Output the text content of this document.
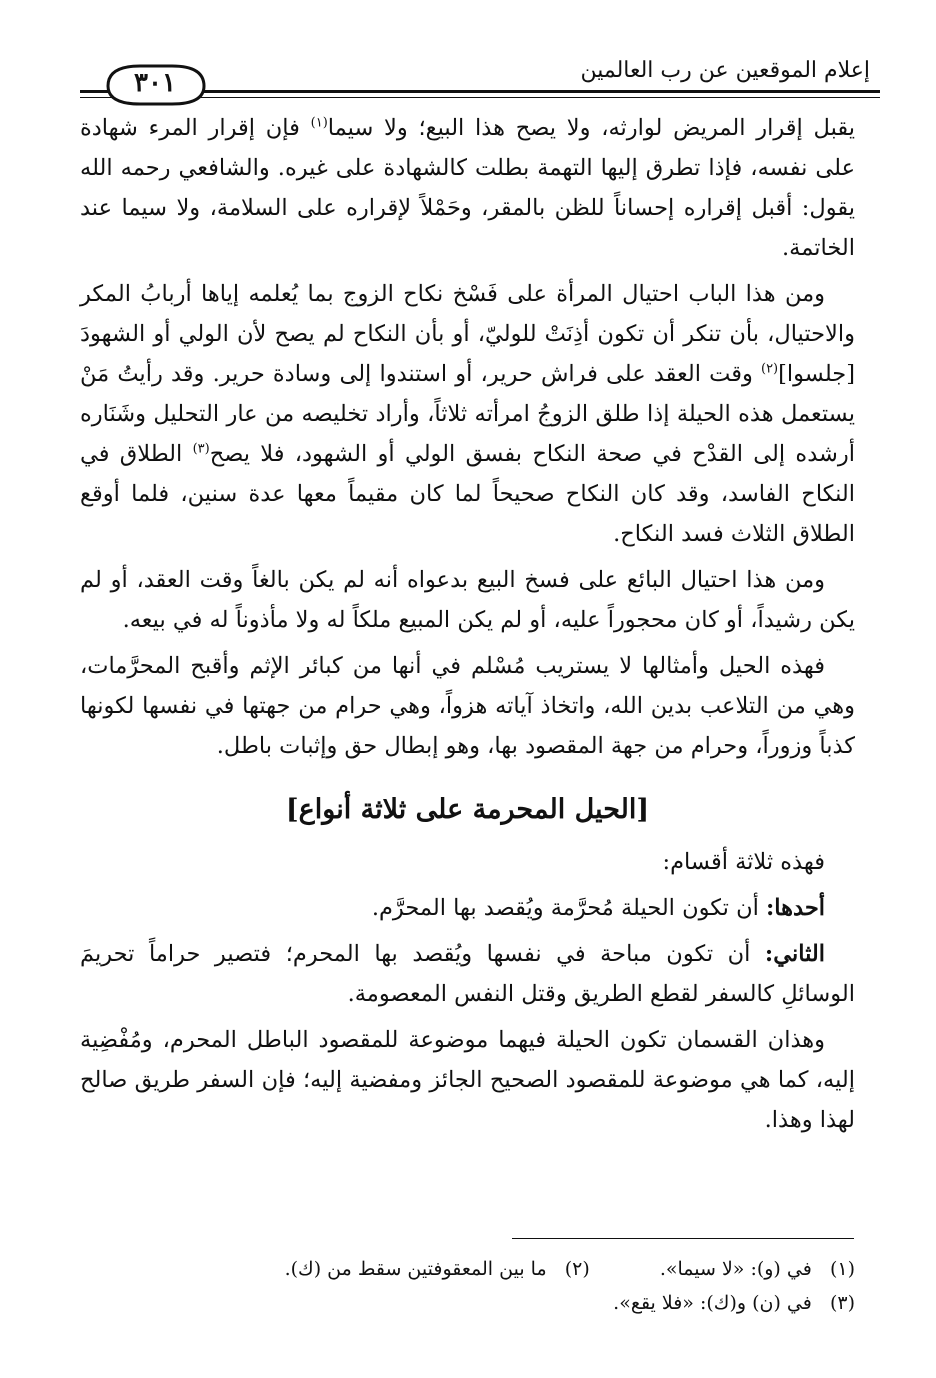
إعلام الموقعين عن رب العالمين
٣٠١

يقبل إقرار المريض لوارثه، ولا يصح هذا البيع؛ ولا سيما$^{(١)}$ فإن إقرار المرء شهادة على نفسه، فإذا تطرق إليها التهمة بطلت كالشهادة على غيره. والشافعي رحمه الله يقول: أقبل إقراره إحساناً للظن بالمقر، وحَمْلاً لإقراره على السلامة، ولا سيما عند الخاتمة.

ومن هذا الباب احتيال المرأة على فَسْخ نكاح الزوج بما يُعلمه إياها أربابُ المكر والاحتيال، بأن تنكر أن تكون أذِنَتْ للوليّ، أو بأن النكاح لم يصح لأن الولي أو الشهودَ [جلسوا]$^{(٢)}$ وقت العقد على فراش حرير، أو استندوا إلى وسادة حرير. وقد رأيتُ مَنْ يستعمل هذه الحيلة إذا طلق الزوجُ امرأته ثلاثاً، وأراد تخليصه من عار التحليل وشَنَاره أرشده إلى القدْح في صحة النكاح بفسق الولي أو الشهود، فلا يصح$^{(٣)}$ الطلاق في النكاح الفاسد، وقد كان النكاح صحيحاً لما كان مقيماً معها عدة سنين، فلما أوقع الطلاق الثلاث فسد النكاح.

ومن هذا احتيال البائع على فسخ البيع بدعواه أنه لم يكن بالغاً وقت العقد، أو لم يكن رشيداً، أو كان محجوراً عليه، أو لم يكن المبيع ملكاً له ولا مأذوناً له في بيعه.

فهذه الحيل وأمثالها لا يستريب مُسْلم في أنها من كبائر الإثم وأقبح المحرَّمات، وهي من التلاعب بدين الله، واتخاذ آياته هزواً، وهي حرام من جهتها في نفسها لكونها كذباً وزوراً، وحرام من جهة المقصود بها، وهو إبطال حق وإثبات باطل.

[الحيل المحرمة على ثلاثة أنواع]

فهذه ثلاثة أقسام:

أحدها: أن تكون الحيلة مُحرَّمة ويُقصد بها المحرَّم.

الثاني: أن تكون مباحة في نفسها ويُقصد بها المحرم؛ فتصير حراماً تحريمَ الوسائلِ كالسفر لقطع الطريق وقتل النفس المعصومة.

وهذان القسمان تكون الحيلة فيهما موضوعة للمقصود الباطل المحرم، ومُفْضِية إليه، كما هي موضوعة للمقصود الصحيح الجائز ومفضية إليه؛ فإن السفر طريق صالح لهذا وهذا.

(١)   في (و): «لا سيما».
(٢)   ما بين المعقوفتين سقط من (ك).
(٣)   في (ن) و(ك): «فلا يقع».
